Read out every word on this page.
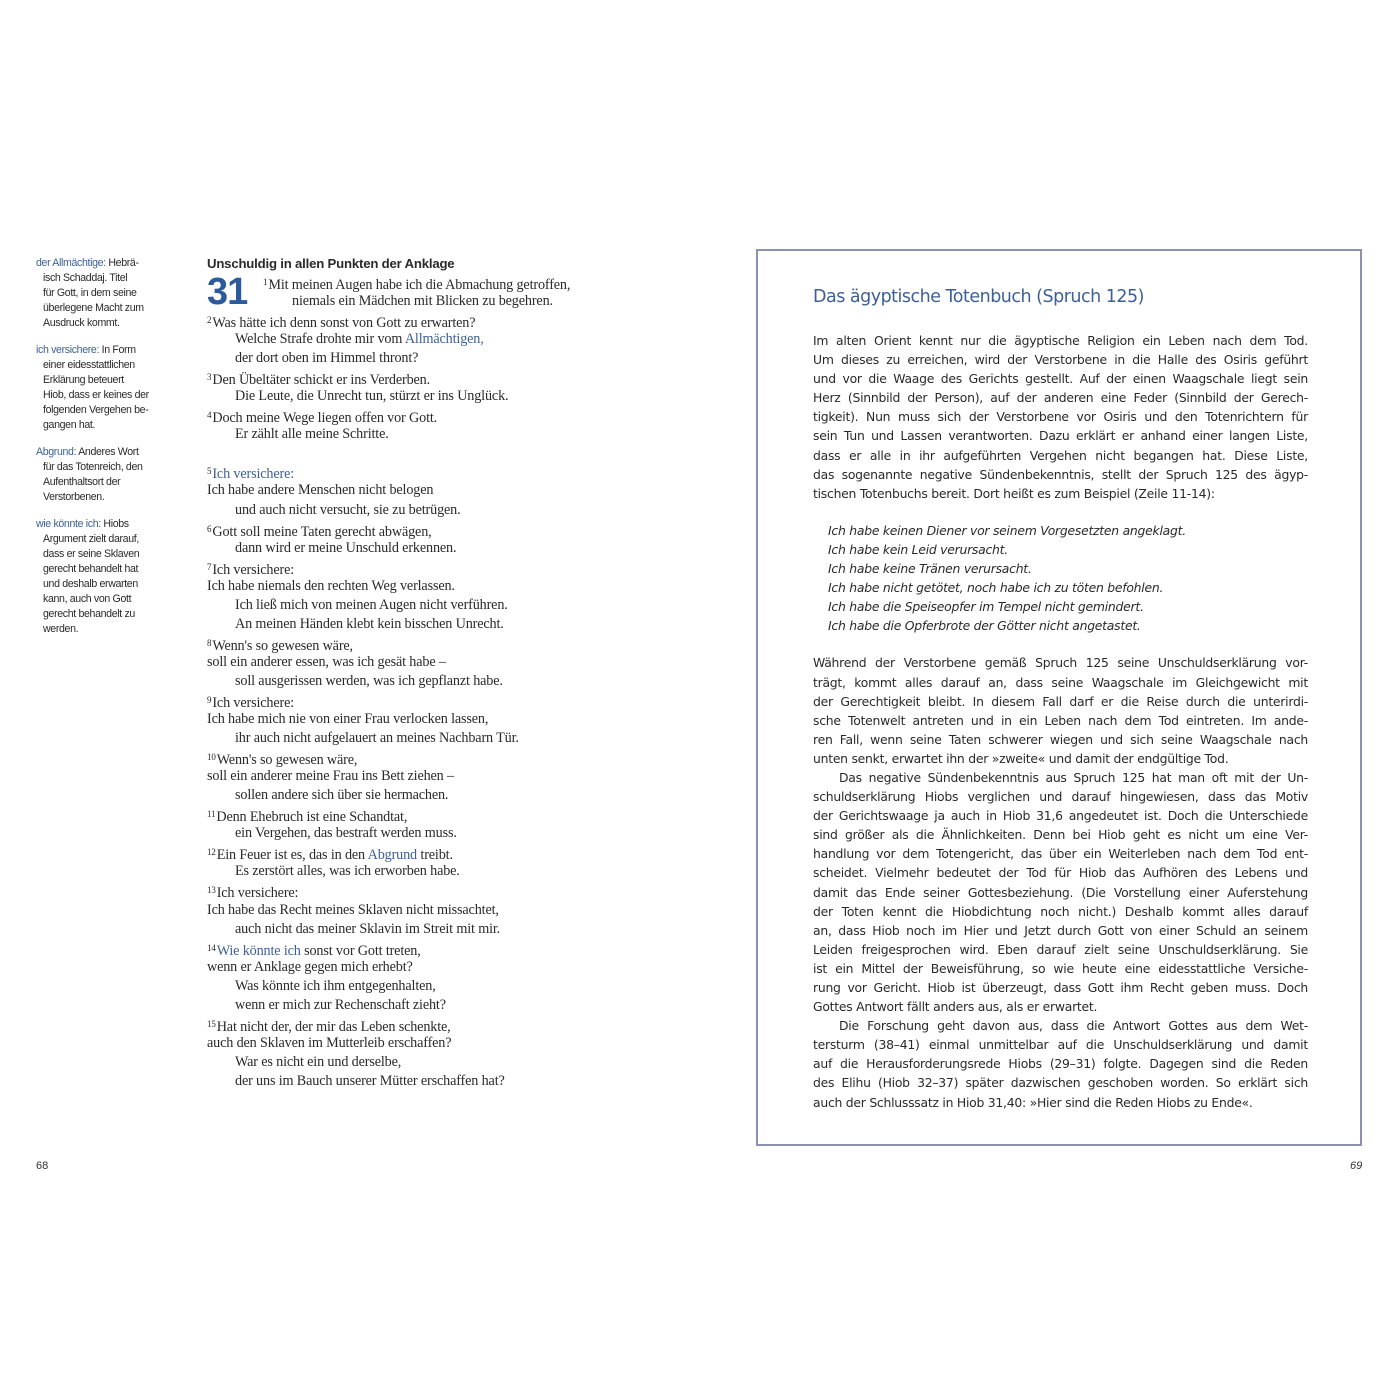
der Allmächtige: Hebrä-
isch Schaddaj. Titel
für Gott, in dem seine
überlegene Macht zum
Ausdruck kommt.
ich versichere: In Form
einer eidesstattlichen
Erklärung beteuert
Hiob, dass er keines der
folgenden Vergehen be-
gangen hat.
Abgrund: Anderes Wort
für das Totenreich, den
Aufenthaltsort der
Verstorbenen.
wie könnte ich: Hiobs
Argument zielt darauf,
dass er seine Sklaven
gerecht behandelt hat
und deshalb erwarten
kann, auch von Gott
gerecht behandelt zu
werden.
Unschuldig in allen Punkten der Anklage
31	$^1$Mit meinen Augen habe ich die Abmachung getroffen,
niemals ein Mädchen mit Blicken zu begehren.
$^2$Was hätte ich denn sonst von Gott zu erwarten?
Welche Strafe drohte mir vom Allmächtigen,
der dort oben im Himmel thront?
$^3$Den Übeltäter schickt er ins Verderben.
Die Leute, die Unrecht tun, stürzt er ins Unglück.
$^4$Doch meine Wege liegen offen vor Gott.
Er zählt alle meine Schritte.
$^5$Ich versichere:
Ich habe andere Menschen nicht belogen
und auch nicht versucht, sie zu betrügen.
$^6$Gott soll meine Taten gerecht abwägen,
dann wird er meine Unschuld erkennen.
$^7$Ich versichere:
Ich habe niemals den rechten Weg verlassen.
Ich ließ mich von meinen Augen nicht verführen.
An meinen Händen klebt kein bisschen Unrecht.
$^8$Wenn's so gewesen wäre,
soll ein anderer essen, was ich gesät habe –
soll ausgerissen werden, was ich gepflanzt habe.
$^9$Ich versichere:
Ich habe mich nie von einer Frau verlocken lassen,
ihr auch nicht aufgelauert an meines Nachbarn Tür.
$^{10}$Wenn's so gewesen wäre,
soll ein anderer meine Frau ins Bett ziehen –
sollen andere sich über sie hermachen.
$^{11}$Denn Ehebruch ist eine Schandtat,
ein Vergehen, das bestraft werden muss.
$^{12}$Ein Feuer ist es, das in den Abgrund treibt.
Es zerstört alles, was ich erworben habe.
$^{13}$Ich versichere:
Ich habe das Recht meines Sklaven nicht missachtet,
auch nicht das meiner Sklavin im Streit mit mir.
$^{14}$Wie könnte ich sonst vor Gott treten,
wenn er Anklage gegen mich erhebt?
Was könnte ich ihm entgegenhalten,
wenn er mich zur Rechenschaft zieht?
$^{15}$Hat nicht der, der mir das Leben schenkte,
auch den Sklaven im Mutterleib erschaffen?
War es nicht ein und derselbe,
der uns im Bauch unserer Mütter erschaffen hat?
Das ägyptische Totenbuch (Spruch 125)
Im alten Orient kennt nur die ägyptische Religion ein Leben nach dem Tod.
Um dieses zu erreichen, wird der Verstorbene in die Halle des Osiris geführt
und vor die Waage des Gerichts gestellt. Auf der einen Waagschale liegt sein
Herz (Sinnbild der Person), auf der anderen eine Feder (Sinnbild der Gerech-
tigkeit). Nun muss sich der Verstorbene vor Osiris und den Totenrichtern für
sein Tun und Lassen verantworten. Dazu erklärt er anhand einer langen Liste,
dass er alle in ihr aufgeführten Vergehen nicht begangen hat. Diese Liste,
das sogenannte negative Sündenbekenntnis, stellt der Spruch 125 des ägyp-
tischen Totenbuchs bereit. Dort heißt es zum Beispiel (Zeile 11-14):
Ich habe keinen Diener vor seinem Vorgesetzten angeklagt.
Ich habe kein Leid verursacht.
Ich habe keine Tränen verursacht.
Ich habe nicht getötet, noch habe ich zu töten befohlen.
Ich habe die Speiseopfer im Tempel nicht gemindert.
Ich habe die Opferbrote der Götter nicht angetastet.
Während der Verstorbene gemäß Spruch 125 seine Unschuldserklärung vor-
trägt, kommt alles darauf an, dass seine Waagschale im Gleichgewicht mit
der Gerechtigkeit bleibt. In diesem Fall darf er die Reise durch die unterirdi-
sche Totenwelt antreten und in ein Leben nach dem Tod eintreten. Im ande-
ren Fall, wenn seine Taten schwerer wiegen und sich seine Waagschale nach
unten senkt, erwartet ihn der »zweite« und damit der endgültige Tod.
Das negative Sündenbekenntnis aus Spruch 125 hat man oft mit der Un-
schuldserklärung Hiobs verglichen und darauf hingewiesen, dass das Motiv
der Gerichtswaage ja auch in Hiob 31,6 angedeutet ist. Doch die Unterschiede
sind größer als die Ähnlichkeiten. Denn bei Hiob geht es nicht um eine Ver-
handlung vor dem Totengericht, das über ein Weiterleben nach dem Tod ent-
scheidet. Vielmehr bedeutet der Tod für Hiob das Aufhören des Lebens und
damit das Ende seiner Gottesbeziehung. (Die Vorstellung einer Auferstehung
der Toten kennt die Hiobdichtung noch nicht.) Deshalb kommt alles darauf
an, dass Hiob noch im Hier und Jetzt durch Gott von einer Schuld an seinem
Leiden freigesprochen wird. Eben darauf zielt seine Unschuldserklärung. Sie
ist ein Mittel der Beweisführung, so wie heute eine eidesstattliche Versiche-
rung vor Gericht. Hiob ist überzeugt, dass Gott ihm Recht geben muss. Doch
Gottes Antwort fällt anders aus, als er erwartet.
Die Forschung geht davon aus, dass die Antwort Gottes aus dem Wet-
tersturm (38–41) einmal unmittelbar auf die Unschuldserklärung und damit
auf die Herausforderungsrede Hiobs (29–31) folgte. Dagegen sind die Reden
des Elihu (Hiob 32–37) später dazwischen geschoben worden. So erklärt sich
auch der Schlusssatz in Hiob 31,40: »Hier sind die Reden Hiobs zu Ende«.
68	69
